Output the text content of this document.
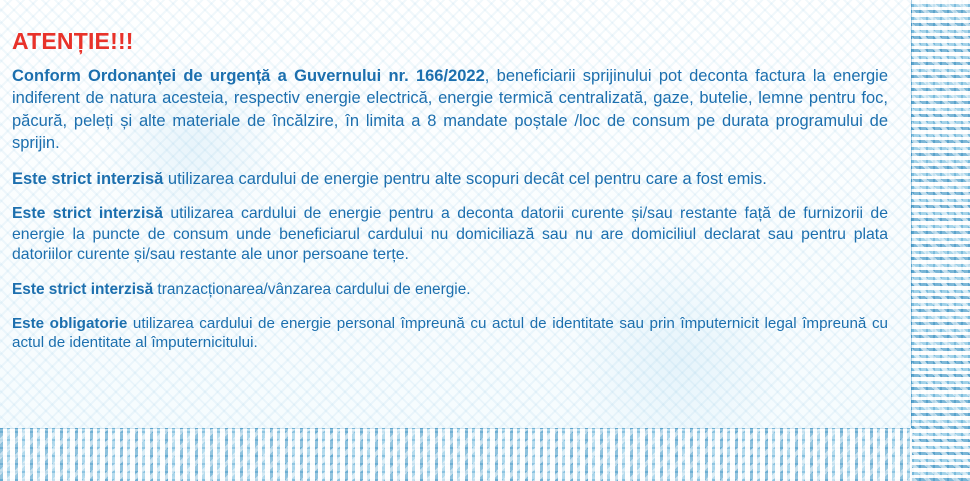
ATENȚIE!!!

Conform Ordonanței de urgență a Guvernului nr. 166/2022, beneficiarii sprijinului pot deconta factura la energie indiferent de natura acesteia, respectiv energie electrică, energie termică centralizată, gaze, butelie, lemne pentru foc, păcură, peleți și alte materiale de încălzire, în limita a 8 mandate poștale /loc de consum pe durata programului de sprijin.

Este strict interzisă utilizarea cardului de energie pentru alte scopuri decât cel pentru care a fost emis.

Este strict interzisă utilizarea cardului de energie pentru a deconta datorii curente și/sau restante față de furnizorii de energie la puncte de consum unde beneficiarul cardului nu domiciliază sau nu are domiciliul declarat sau pentru plata datoriilor curente și/sau restante ale unor persoane terțe.

Este strict interzisă tranzacționarea/vânzarea cardului de energie.

Este obligatorie utilizarea cardului de energie personal împreună cu actul de identitate sau prin împuternicit legal împreună cu actul de identitate al împuternicitului.
